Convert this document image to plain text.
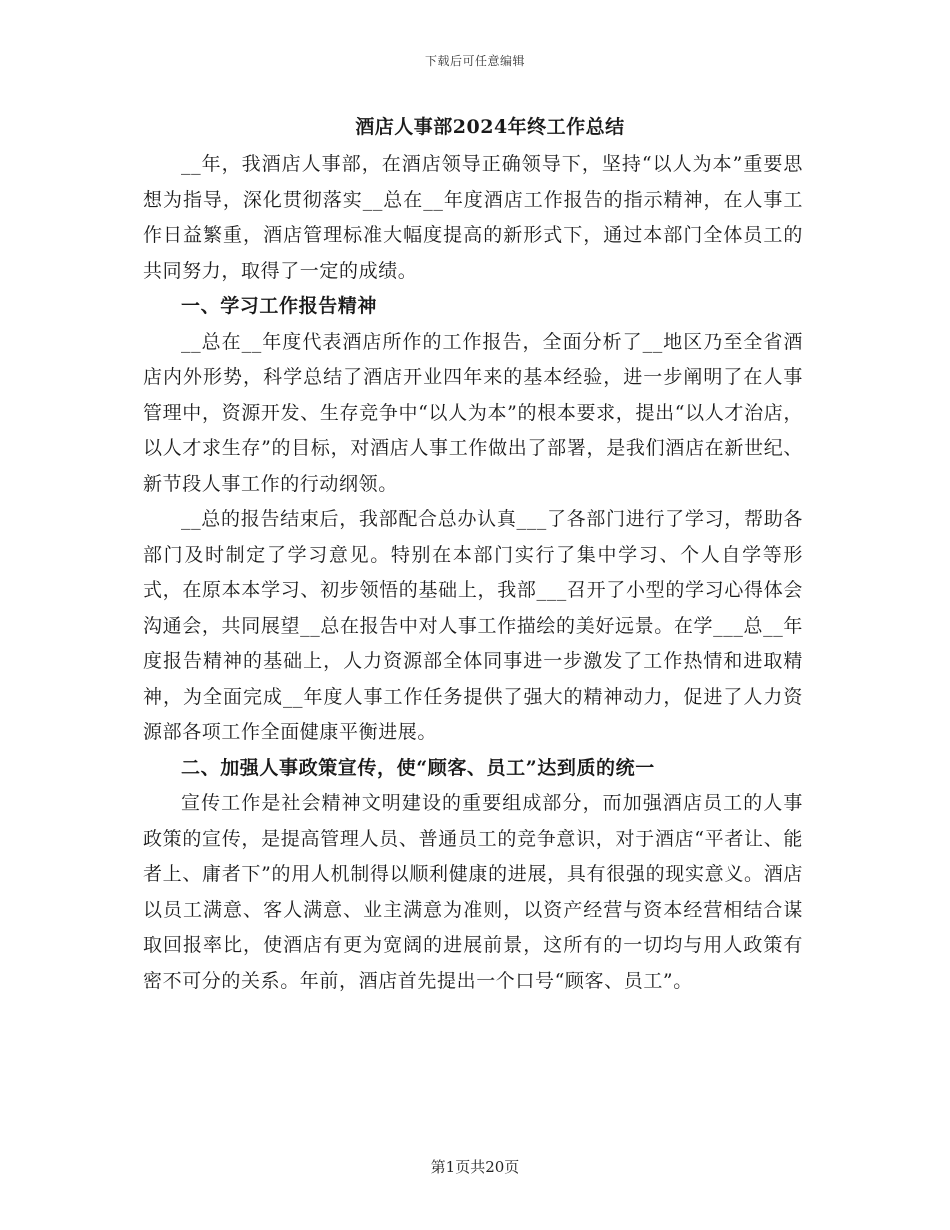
下载后可任意编辑
酒店人事部2024年终工作总结

__年，我酒店人事部，在酒店领导正确领导下，坚持“以人为本”重要思想为指导，深化贯彻落实__总在__年度酒店工作报告的指示精神，在人事工作日益繁重，酒店管理标准大幅度提高的新形式下，通过本部门全体员工的共同努力，取得了一定的成绩。

一、学习工作报告精神

__总在__年度代表酒店所作的工作报告，全面分析了__地区乃至全省酒店内外形势，科学总结了酒店开业四年来的基本经验，进一步阐明了在人事管理中，资源开发、生存竞争中“以人为本”的根本要求，提出“以人才治店，以人才求生存”的目标，对酒店人事工作做出了部署，是我们酒店在新世纪、新节段人事工作的行动纲领。

__总的报告结束后，我部配合总办认真___了各部门进行了学习，帮助各部门及时制定了学习意见。特别在本部门实行了集中学习、个人自学等形式，在原本本学习、初步领悟的基础上，我部___召开了小型的学习心得体会沟通会，共同展望__总在报告中对人事工作描绘的美好远景。在学___总__年度报告精神的基础上，人力资源部全体同事进一步激发了工作热情和进取精神，为全面完成__年度人事工作任务提供了强大的精神动力，促进了人力资源部各项工作全面健康平衡进展。

二、加强人事政策宣传，使“顾客、员工”达到质的统一

宣传工作是社会精神文明建设的重要组成部分，而加强酒店员工的人事政策的宣传，是提高管理人员、普通员工的竞争意识，对于酒店“平者让、能者上、庸者下”的用人机制得以顺利健康的进展，具有很强的现实意义。酒店以员工满意、客人满意、业主满意为准则，以资产经营与资本经营相结合谋取回报率比，使酒店有更为宽阔的进展前景，这所有的一切均与用人政策有密不可分的关系。年前，酒店首先提出一个口号“顾客、员工”。

第1页共20页
